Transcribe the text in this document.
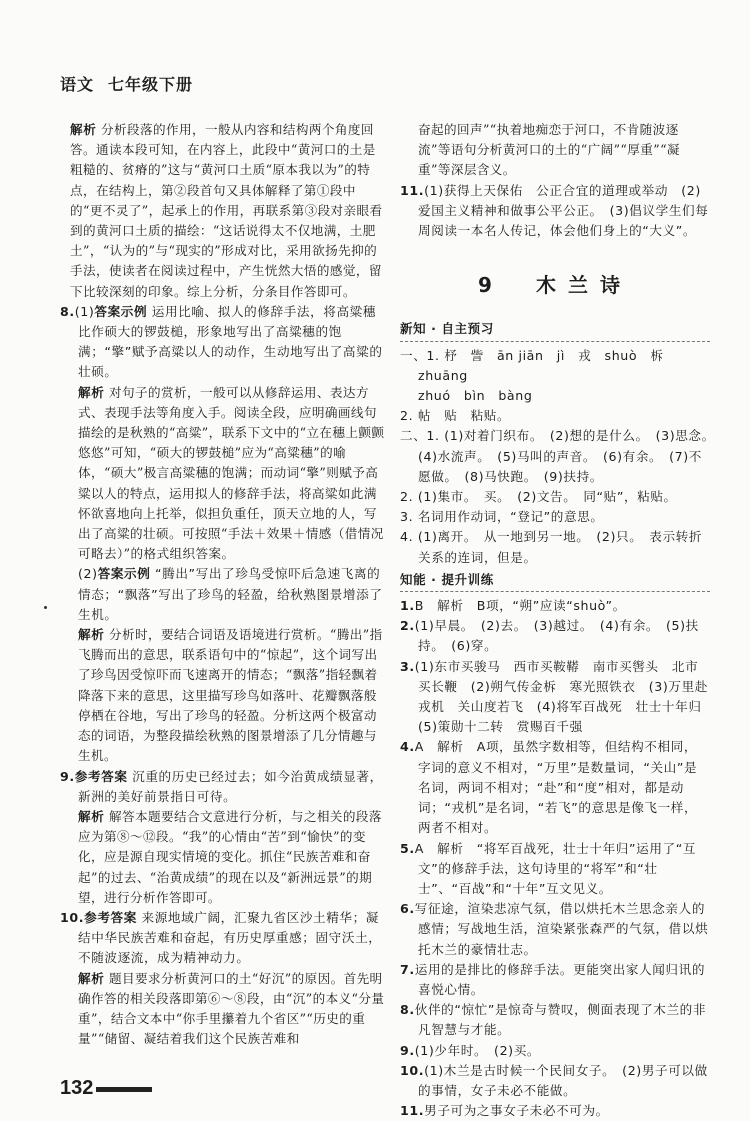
语文 七年级下册

解析 分析段落的作用，一般从内容和结构两个角度回答。通读本段可知，在内容上，此段中“黄河口的土是粗糙的、贫瘠的”这与“黄河口土质“原本我以为”的特点，在结构上，第②段首句又具体解释了第①段中的“更不灵了”，起承上的作用，再联系第③段对亲眼看到的黄河口土质的描绘：“这话说得太不仅地满，土肥土”，“认为的”与“现实的”形成对比，采用欲扬先抑的手法，使读者在阅读过程中，产生恍然大悟的感觉，留下比较深刻的印象。综上分析，分条目作答即可。

8.(1)答案示例 运用比喻、拟人的修辞手法，将高粱穗比作硕大的锣鼓槌，形象地写出了高粱穗的饱满；“擎”赋予高粱以人的动作，生动地写出了高粱的壮硕。

解析 对句子的赏析，一般可以从修辞运用、表达方式、表现手法等角度入手。阅读全段，应明确画线句描绘的是秋熟的“高粱”，联系下文中的“立在穗上颤颤悠悠”可知，“硕大的锣鼓槌”应为“高粱穗”的喻体，“硕大”极言高粱穗的饱满；而动词“擎”则赋予高粱以人的特点，运用拟人的修辞手法，将高粱如此满怀欲喜地向上托举，似担负重任，顶天立地的人，写出了高粱的壮硕。可按照“手法＋效果＋情感（借情况可略去）”的格式组织答案。

(2)答案示例 “腾出”写出了珍鸟受惊吓后急速飞离的情态；“飘落”写出了珍鸟的轻盈，给秋熟图景增添了生机。

解析 分析时，要结合词语及语境进行赏析。“腾出”指飞腾而出的意思，联系语句中的“惊起”，这个词写出了珍鸟因受惊吓而飞速离开的情态；“飘落”指轻飘着降落下来的意思，这里描写珍鸟如落叶、花瓣飘落般停栖在谷地，写出了珍鸟的轻盈。分析这两个极富动态的词语，为整段描绘秋熟的图景增添了几分情趣与生机。

9.参考答案 沉重的历史已经过去；如今治黄成绩显著，新洲的美好前景指日可待。

解析 解答本题要结合文意进行分析，与之相关的段落应为第⑧～⑫段。“我”的心情由“苦”到“愉快”的变化，应是源自现实情境的变化。抓住“民族苦难和奋起”的过去、“治黄成绩”的现在以及“新洲远景”的期望，进行分析作答即可。

10.参考答案 来源地域广阔，汇聚九省区沙土精华；凝结中华民族苦难和奋起，有历史厚重感；固守沃土，不随波逐流，成为精神动力。

解析 题目要求分析黄河口的土“好沉”的原因。首先明确作答的相关段落即第⑥～⑧段，由“沉”的本义“分量重”，结合文本中“你手里攥着九个省区”“历史的重量”“储留、凝结着我们这个民族苦难和

奋起的回声”“执着地痴恋于河口，不肯随波逐流”等语句分析黄河口的土的“广阔”“厚重”“凝重”等深层含义。

11.(1)获得上天保佑　公正合宜的道理或举动　(2)爱国主义精神和做事公平公正。　(3)倡议学生们每周阅读一本名人传记，体会他们身上的“大义”。

9　木兰诗
新知 · 自主预习

一、1. 杼　訾　ān jiān　jì　戎　shuò　柝　zhuāng

zhuó　bìn　bàng

2. 帖　贴　粘贴。

二、1. (1)对着门织布。　(2)想的是什么。　(3)思念。　(4)水流声。　(5)马叫的声音。　(6)有余。　(7)不愿做。　(8)马快跑。　(9)扶持。

2. (1)集市。　买。　(2)文告。　同“贴”，粘贴。

3. 名词用作动词，“登记”的意思。

4. (1)离开。　从一地到另一地。　(2)只。　表示转折关系的连词，但是。

知能 · 提升训练

1.B　解析　B项，“朔”应读“shuò”。

2.(1)早晨。　(2)去。　(3)越过。　(4)有余。　(5)扶持。　(6)穿。

3.(1)东市买骏马　西市买鞍鞯　南市买辔头　北市买长鞭　(2)朔气传金柝　寒光照铁衣　(3)万里赴戎机　关山度若飞　(4)将军百战死　壮士十年归　(5)策勋十二转　赏赐百千强

4.A　解析　A项，虽然字数相等，但结构不相同，字词的意义不相对，“万里”是数量词，“关山”是名词，两词不相对；“赴”和“度”相对，都是动词；“戎机”是名词，“若飞”的意思是像飞一样，两者不相对。

5.A　解析　“将军百战死，壮士十年归”运用了“互文”的修辞手法，这句诗里的“将军”和“壮士”、“百战”和“十年”互文见义。

6.写征途，渲染悲凉气氛，借以烘托木兰思念亲人的感情；写战地生活，渲染紧张森严的气氛，借以烘托木兰的豪情壮志。

7.运用的是排比的修辞手法。更能突出家人闻归讯的喜悦心情。

8.伙伴的“惊忙”是惊奇与赞叹，侧面表现了木兰的非凡智慧与才能。

9.(1)少年时。　(2)买。

10.(1)木兰是古时候一个民间女子。　(2)男子可以做的事情，女子未必不能做。

11.男子可为之事女子未必不可为。

132
